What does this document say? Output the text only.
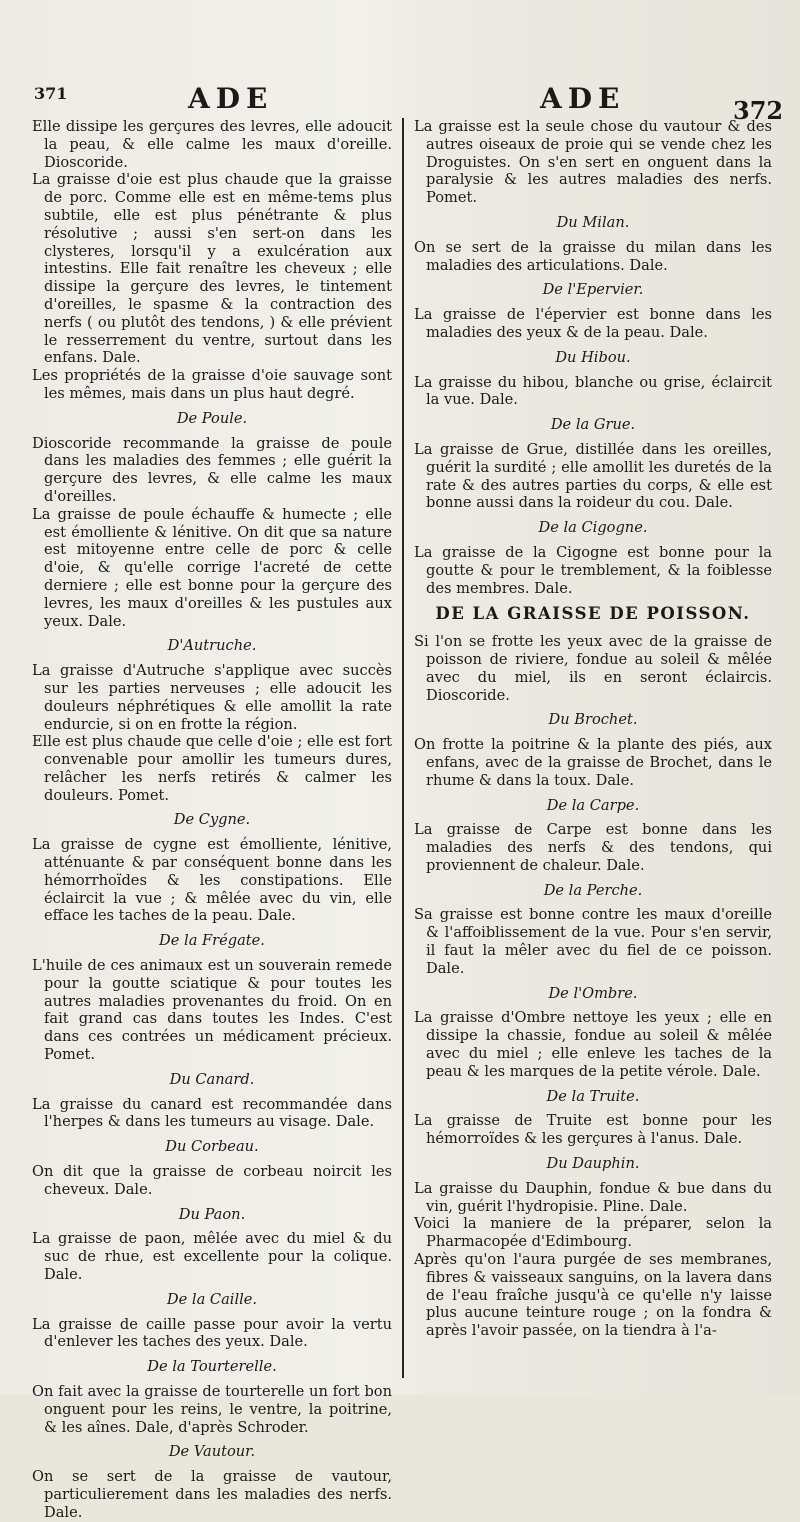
371	ADE	ADE	372
Elle dissipe les gerçures des levres, elle adoucit la peau, & elle calme les maux d'oreille. Dioscoride.
La graisse d'oie est plus chaude que la graisse de porc. Comme elle est en même-tems plus subtile, elle est plus pénétrante & plus résolutive ; aussi s'en sert-on dans les clysteres, lorsqu'il y a exulcération aux intestins. Elle fait renaître les cheveux ; elle dissipe la gerçure des levres, le tintement d'oreilles, le spasme & la contraction des nerfs ( ou plutôt des tendons, ) & elle prévient le resserrement du ventre, surtout dans les enfans. Dale.
Les propriétés de la graisse d'oie sauvage sont les mêmes, mais dans un plus haut degré.
De Poule.
Dioscoride recommande la graisse de poule dans les maladies des femmes ; elle guérit la gerçure des levres, & elle calme les maux d'oreilles.
La graisse de poule échauffe & humecte ; elle est émolliente & lénitive. On dit que sa nature est mitoyenne entre celle de porc & celle d'oie, & qu'elle corrige l'acreté de cette derniere ; elle est bonne pour la gerçure des levres, les maux d'oreilles & les pustules aux yeux. Dale.
D'Autruche.
La graisse d'Autruche s'applique avec succès sur les parties nerveuses ; elle adoucit les douleurs néphrétiques & elle amollit la rate endurcie, si on en frotte la région.
Elle est plus chaude que celle d'oie ; elle est fort convenable pour amollir les tumeurs dures, relâcher les nerfs retirés & calmer les douleurs. Pomet.
De Cygne.
La graisse de cygne est émolliente, lénitive, atténuante & par conséquent bonne dans les hémorrhoïdes & les constipations. Elle éclaircit la vue ; & mêlée avec du vin, elle efface les taches de la peau. Dale.
De la Frégate.
L'huile de ces animaux est un souverain remede pour la goutte sciatique & pour toutes les autres maladies provenantes du froid. On en fait grand cas dans toutes les Indes. C'est dans ces contrées un médicament précieux. Pomet.
Du Canard.
La graisse du canard est recommandée dans l'herpes & dans les tumeurs au visage. Dale.
Du Corbeau.
On dit que la graisse de corbeau noircit les cheveux. Dale.
Du Paon.
La graisse de paon, mêlée avec du miel & du suc de rhue, est excellente pour la colique. Dale.
De la Caille.
La graisse de caille passe pour avoir la vertu d'enlever les taches des yeux. Dale.
De la Tourterelle.
On fait avec la graisse de tourterelle un fort bon onguent pour les reins, le ventre, la poitrine, & les aînes. Dale, d'après Schroder.
De Vautour.
On se sert de la graisse de vautour, particulierement dans les maladies des nerfs. Dale.
La graisse est la seule chose du vautour & des autres oiseaux de proie qui se vende chez les Droguistes. On s'en sert en onguent dans la paralysie & les autres maladies des nerfs. Pomet.
Du Milan.
On se sert de la graisse du milan dans les maladies des articulations. Dale.
De l'Epervier.
La graisse de l'épervier est bonne dans les maladies des yeux & de la peau. Dale.
Du Hibou.
La graisse du hibou, blanche ou grise, éclaircit la vue. Dale.
De la Grue.
La graisse de Grue, distillée dans les oreilles, guérit la surdité ; elle amollit les duretés de la rate & des autres parties du corps, & elle est bonne aussi dans la roideur du cou. Dale.
De la Cigogne.
La graisse de la Cigogne est bonne pour la goutte & pour le tremblement, & la foiblesse des membres. Dale.
DE LA GRAISSE DE POISSON.
Si l'on se frotte les yeux avec de la graisse de poisson de riviere, fondue au soleil & mêlée avec du miel, ils en seront éclaircis. Dioscoride.
Du Brochet.
On frotte la poitrine & la plante des piés, aux enfans, avec de la graisse de Brochet, dans le rhume & dans la toux. Dale.
De la Carpe.
La graisse de Carpe est bonne dans les maladies des nerfs & des tendons, qui proviennent de chaleur. Dale.
De la Perche.
Sa graisse est bonne contre les maux d'oreille & l'affoiblissement de la vue. Pour s'en servir, il faut la mêler avec du fiel de ce poisson. Dale.
De l'Ombre.
La graisse d'Ombre nettoye les yeux ; elle en dissipe la chassie, fondue au soleil & mêlée avec du miel ; elle enleve les taches de la peau & les marques de la petite vérole. Dale.
De la Truite.
La graisse de Truite est bonne pour les hémorroïdes & les gerçures à l'anus. Dale.
Du Dauphin.
La graisse du Dauphin, fondue & bue dans du vin, guérit l'hydropisie. Pline. Dale.
Voici la maniere de la préparer, selon la Pharmacopée d'Edimbourg.
Après qu'on l'aura purgée de ses membranes, fibres & vaisseaux sanguins, on la lavera dans de l'eau fraîche jusqu'à ce qu'elle n'y laisse plus aucune teinture rouge ; on la fondra & après l'avoir passée, on la tiendra à l'a-
